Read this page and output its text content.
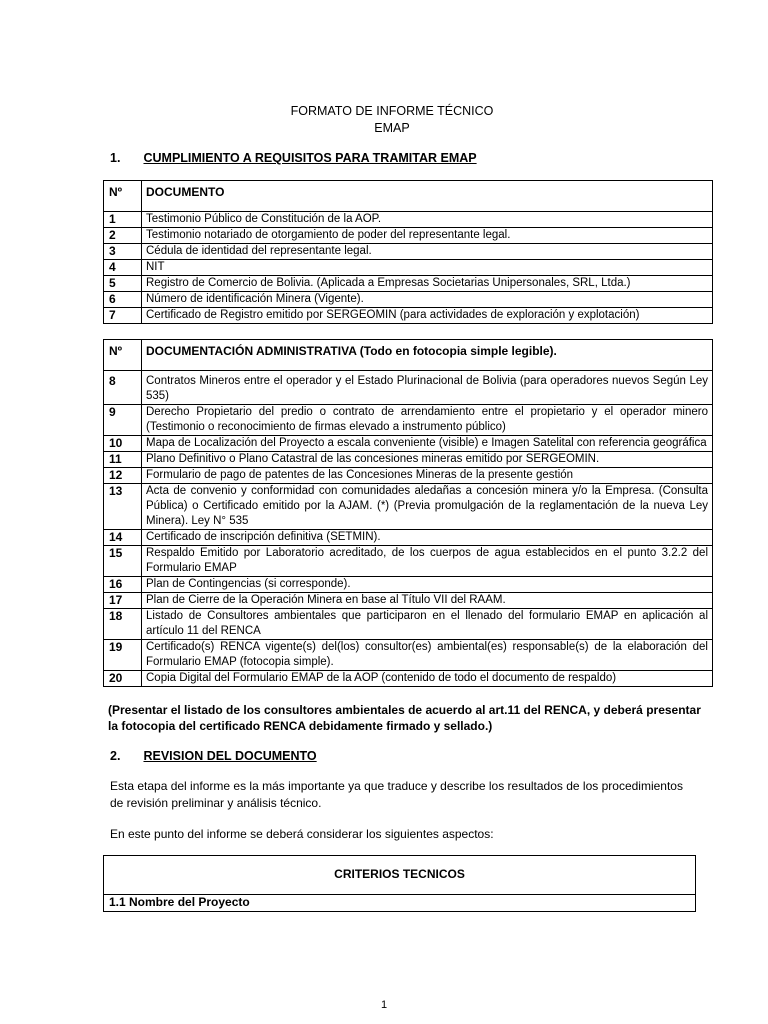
FORMATO DE INFORME TÉCNICO
EMAP
1. CUMPLIMIENTO A REQUISITOS PARA TRAMITAR EMAP
Nº	DOCUMENTO
1	Testimonio Público de Constitución de la AOP.
2	Testimonio notariado de otorgamiento de poder del representante legal.
3	Cédula de identidad del representante legal.
4	NIT
5	Registro de Comercio de Bolivia. (Aplicada a Empresas Societarias Unipersonales, SRL, Ltda.)
6	Número de identificación Minera (Vigente).
7	Certificado de Registro emitido por SERGEOMIN (para actividades de exploración y explotación)
Nº	DOCUMENTACIÓN ADMINISTRATIVA (Todo en fotocopia simple legible).
8	Contratos Mineros entre el operador y el Estado Plurinacional de Bolivia (para operadores nuevos Según Ley 535)
9	Derecho Propietario del predio o contrato de arrendamiento entre el propietario y el operador minero (Testimonio o reconocimiento de firmas elevado a instrumento público)
10	Mapa de Localización del Proyecto a escala conveniente (visible) e Imagen Satelital con referencia geográfica
11	Plano Definitivo o Plano Catastral de las concesiones mineras emitido por SERGEOMIN.
12	Formulario de pago de patentes de las Concesiones Mineras de la presente gestión
13	Acta de convenio y conformidad con comunidades aledañas a concesión minera y/o la Empresa. (Consulta Pública) o Certificado emitido por la AJAM. (*) (Previa promulgación de la reglamentación de la nueva Ley Minera). Ley N° 535
14	Certificado de inscripción definitiva (SETMIN).
15	Respaldo Emitido por Laboratorio acreditado, de los cuerpos de agua establecidos en el punto 3.2.2 del Formulario EMAP
16	Plan de Contingencias (si corresponde).
17	Plan de Cierre de la Operación Minera en base al Título VII del RAAM.
18	Listado de Consultores ambientales que participaron en el llenado del formulario EMAP en aplicación al artículo 11 del RENCA
19	Certificado(s) RENCA vigente(s) del(los) consultor(es) ambiental(es) responsable(s) de la elaboración del Formulario EMAP (fotocopia simple).
20	Copia Digital del Formulario EMAP de la AOP (contenido de todo el documento de respaldo)
(Presentar el listado de los consultores ambientales de acuerdo al art.11 del RENCA, y deberá presentar la fotocopia del certificado RENCA debidamente firmado y sellado.)
2. REVISION DEL DOCUMENTO
Esta etapa del informe es la más importante ya que traduce y describe los resultados de los procedimientos
de revisión preliminar y análisis técnico.
En este punto del informe se deberá considerar los siguientes aspectos:
CRITERIOS TECNICOS
1.1 Nombre del Proyecto
1
